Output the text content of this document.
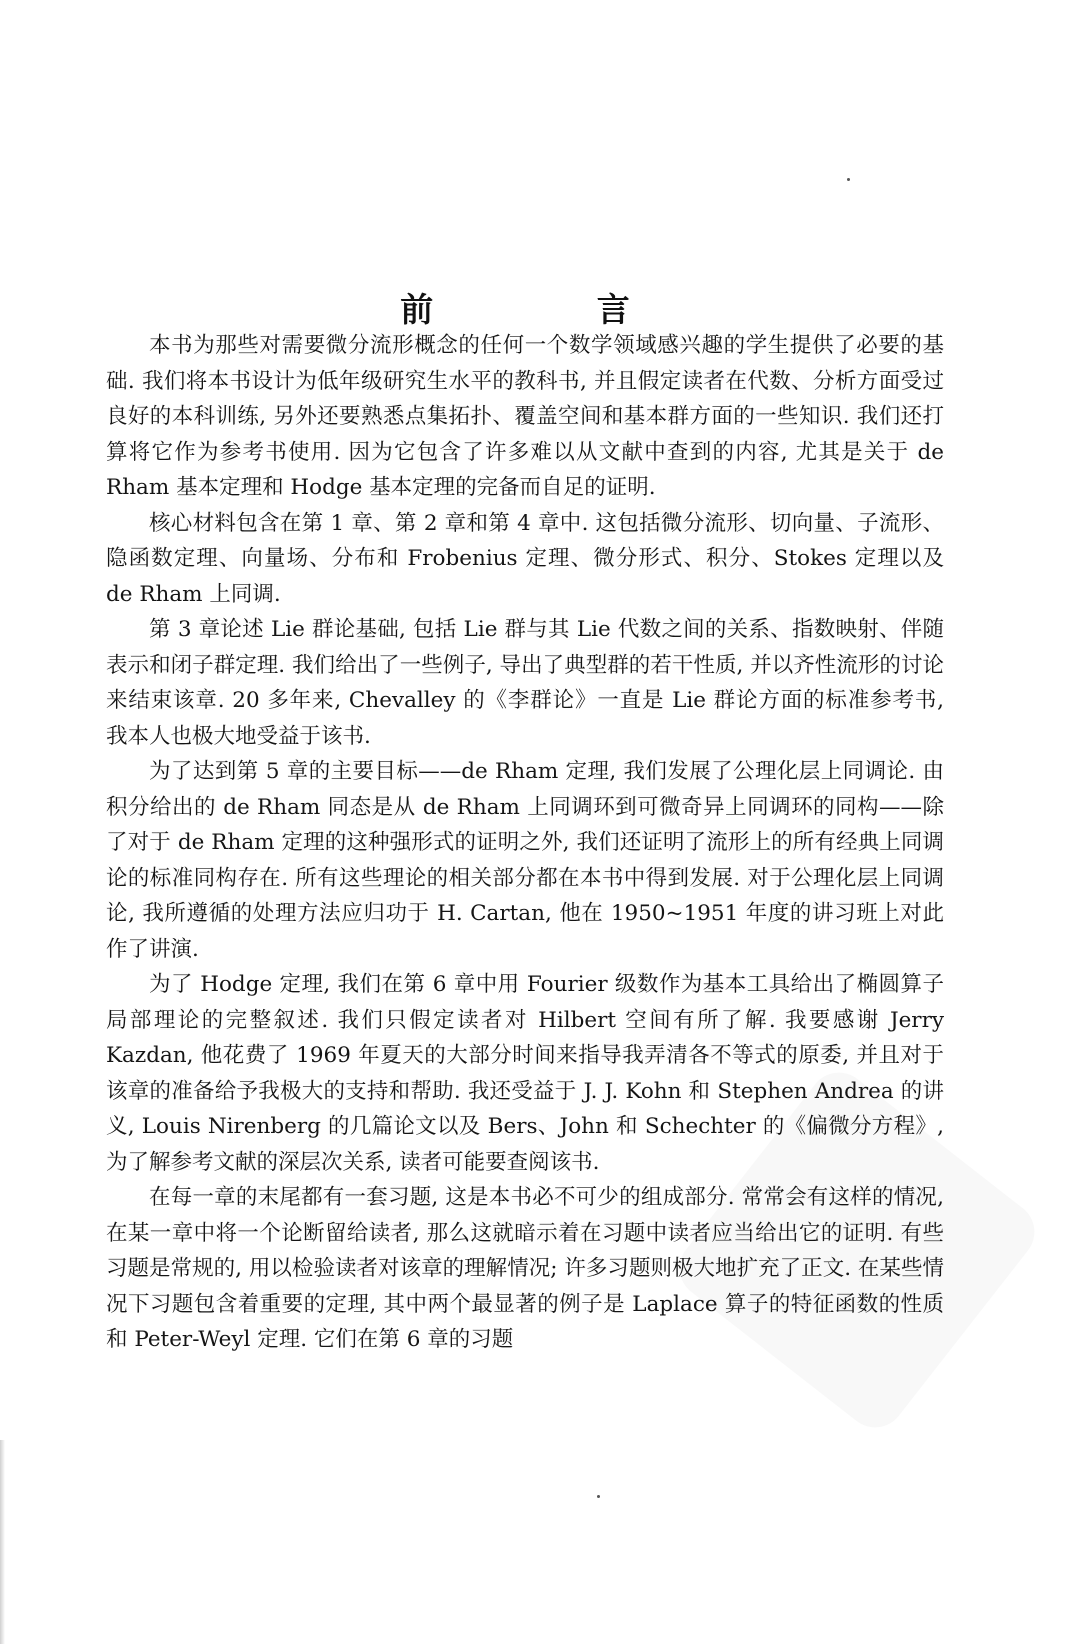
前 言

本书为那些对需要微分流形概念的任何一个数学领域感兴趣的学生提供了必要的基础. 我们将本书设计为低年级研究生水平的教科书, 并且假定读者在代数、分析方面受过良好的本科训练, 另外还要熟悉点集拓扑、覆盖空间和基本群方面的一些知识. 我们还打算将它作为参考书使用. 因为它包含了许多难以从文献中查到的内容, 尤其是关于 de Rham 基本定理和 Hodge 基本定理的完备而自足的证明.

核心材料包含在第 1 章、第 2 章和第 4 章中. 这包括微分流形、切向量、子流形、隐函数定理、向量场、分布和 Frobenius 定理、微分形式、积分、Stokes 定理以及 de Rham 上同调.

第 3 章论述 Lie 群论基础, 包括 Lie 群与其 Lie 代数之间的关系、指数映射、伴随表示和闭子群定理. 我们给出了一些例子, 导出了典型群的若干性质, 并以齐性流形的讨论来结束该章. 20 多年来, Chevalley 的《李群论》一直是 Lie 群论方面的标准参考书, 我本人也极大地受益于该书.

为了达到第 5 章的主要目标——de Rham 定理, 我们发展了公理化层上同调论. 由积分给出的 de Rham 同态是从 de Rham 上同调环到可微奇异上同调环的同构——除了对于 de Rham 定理的这种强形式的证明之外, 我们还证明了流形上的所有经典上同调论的标准同构存在. 所有这些理论的相关部分都在本书中得到发展. 对于公理化层上同调论, 我所遵循的处理方法应归功于 H. Cartan, 他在 1950~1951 年度的讲习班上对此作了讲演.

为了 Hodge 定理, 我们在第 6 章中用 Fourier 级数作为基本工具给出了椭圆算子局部理论的完整叙述. 我们只假定读者对 Hilbert 空间有所了解. 我要感谢 Jerry Kazdan, 他花费了 1969 年夏天的大部分时间来指导我弄清各不等式的原委, 并且对于该章的准备给予我极大的支持和帮助. 我还受益于 J. J. Kohn 和 Stephen Andrea 的讲义, Louis Nirenberg 的几篇论文以及 Bers、John 和 Schechter 的《偏微分方程》, 为了解参考文献的深层次关系, 读者可能要查阅该书.

在每一章的末尾都有一套习题, 这是本书必不可少的组成部分. 常常会有这样的情况, 在某一章中将一个论断留给读者, 那么这就暗示着在习题中读者应当给出它的证明. 有些习题是常规的, 用以检验读者对该章的理解情况; 许多习题则极大地扩充了正文. 在某些情况下习题包含着重要的定理, 其中两个最显著的例子是 Laplace 算子的特征函数的性质和 Peter-Weyl 定理. 它们在第 6 章的习题
